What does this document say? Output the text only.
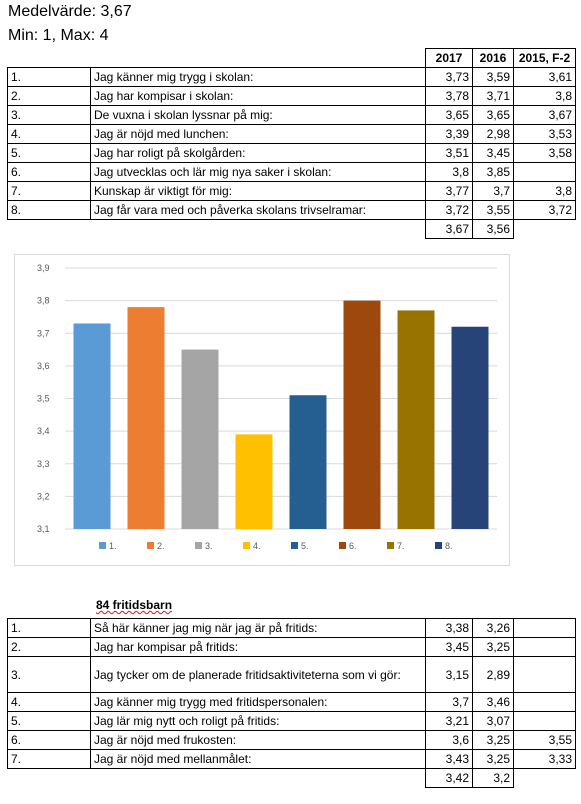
Medelvärde: 3,67
Min: 1, Max: 4
		2017	2016	2015, F-2
1.	Jag känner mig trygg i skolan:	3,73	3,59	3,61
2.	Jag har kompisar i skolan:	3,78	3,71	3,8
3.	De vuxna i skolan lyssnar på mig:	3,65	3,65	3,67
4.	Jag är nöjd med lunchen:	3,39	2,98	3,53
5.	Jag har roligt på skolgården:	3,51	3,45	3,58
6.	Jag utvecklas och lär mig nya saker i skolan:	3,8	3,85	
7.	Kunskap är viktigt för mig:	3,77	3,7	3,8
8.	Jag får vara med och påverka skolans trivselramar:	3,72	3,55	3,72
		3,67	3,56	
3,1
3,2
3,3
3,4
3,5
3,6
3,7
3,8
3,9
1.	2.	3.	4.	5.	6.	7.	8.
84 fritidsbarn
1.	Så här känner jag mig när jag är på fritids:	3,38	3,26	
2.	Jag har kompisar på fritids:	3,45	3,25	
3.	Jag tycker om de planerade fritidsaktiviteterna som vi gör:	3,15	2,89	
4.	Jag känner mig trygg med fritidspersonalen:	3,7	3,46	
5.	Jag lär mig nytt och roligt på fritids:	3,21	3,07	
6.	Jag är nöjd med frukosten:	3,6	3,25	3,55
7.	Jag är nöjd med mellanmålet:	3,43	3,25	3,33
		3,42	3,2	
